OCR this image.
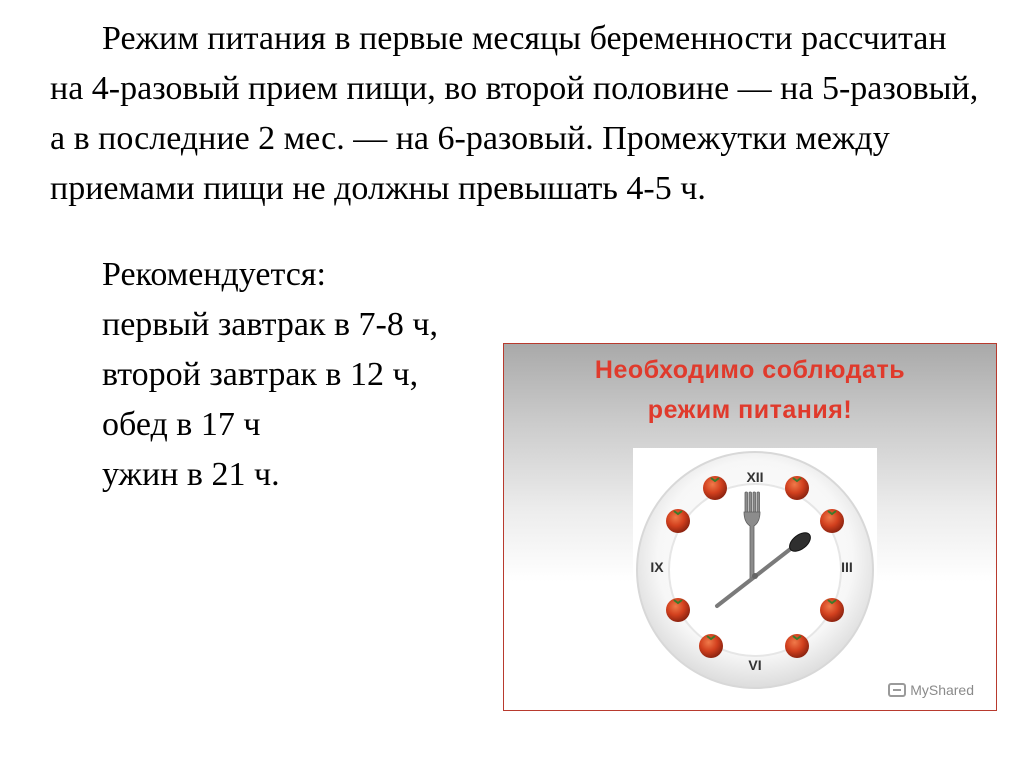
Режим питания в первые месяцы беременности рассчитан на 4-разовый прием пищи, во второй половине — на 5-разовый, а в последние 2 мес. — на 6-разовый. Промежутки между приемами пищи не должны превышать 4-5 ч.

Рекомендуется:
первый завтрак в 7-8 ч,
второй завтрак в 12 ч,
обед в 17 ч
ужин в 21 ч.
Необходимо соблюдать
режим питания!
XII
III
VI
IX
MyShared
